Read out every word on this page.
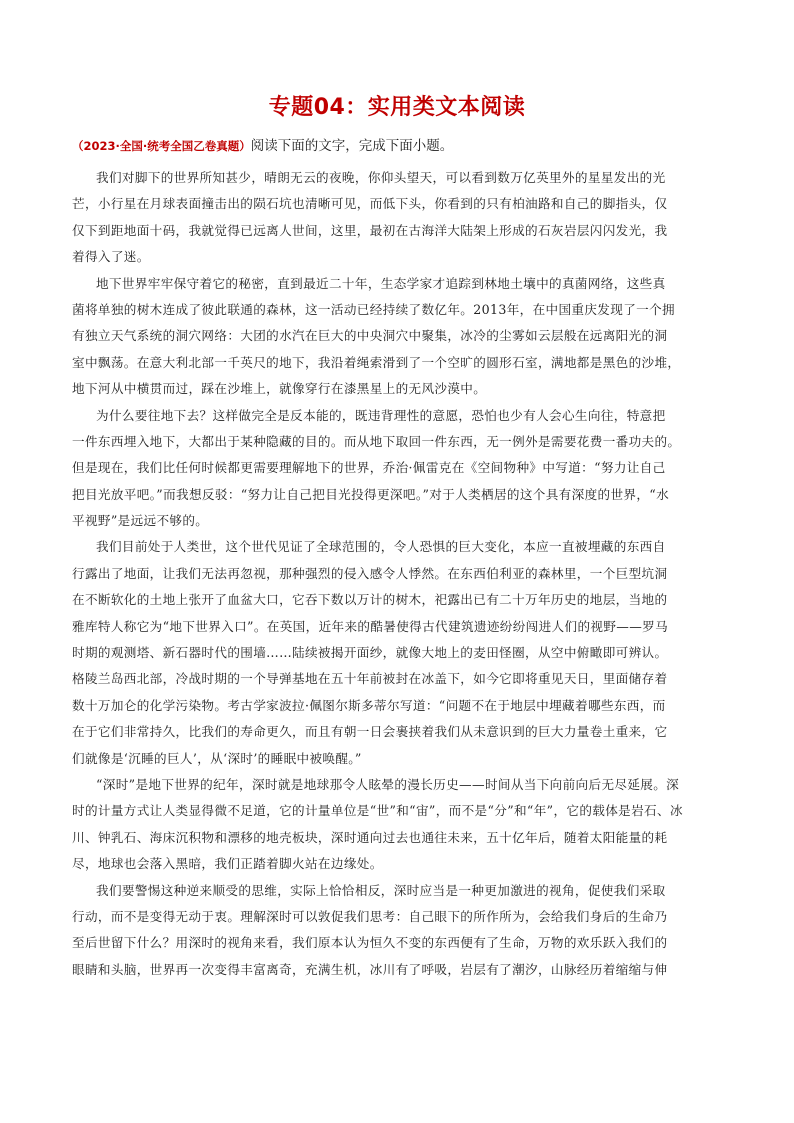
专题04：实用类文本阅读
（2023·全国·统考全国乙卷真题）阅读下面的文字，完成下面小题。
我们对脚下的世界所知甚少，晴朗无云的夜晚，你仰头望天，可以看到数万亿英里外的星星发出的光
芒，小行星在月球表面撞击出的陨石坑也清晰可见，而低下头，你看到的只有柏油路和自己的脚指头，仅
仅下到距地面十码，我就觉得已远离人世间，这里，最初在古海洋大陆架上形成的石灰岩层闪闪发光，我
着得入了迷。
地下世界牢牢保守着它的秘密，直到最近二十年，生态学家才追踪到林地土壤中的真菌网络，这些真
菌将单独的树木连成了彼此联通的森林，这一活动已经持续了数亿年。2013年，在中国重庆发现了一个拥
有独立天气系统的洞穴网络：大团的水汽在巨大的中央洞穴中聚集，冰冷的尘雾如云层般在远离阳光的洞
室中飘荡。在意大利北部一千英尺的地下，我沿着绳索滑到了一个空旷的圆形石室，满地都是黑色的沙堆，
地下河从中横贯而过，踩在沙堆上，就像穿行在漆黑星上的无风沙漠中。
为什么要往地下去？这样做完全是反本能的，既违背理性的意愿，恐怕也少有人会心生向往，特意把
一件东西埋入地下，大都出于某种隐藏的目的。而从地下取回一件东西，无一例外是需要花费一番功夫的。
但是现在，我们比任何时候都更需要理解地下的世界，乔治·佩雷克在《空间物种》中写道：“努力让自己
把目光放平吧。”而我想反驳：“努力让自己把目光投得更深吧。”对于人类栖居的这个具有深度的世界，“水
平视野”是远远不够的。
我们目前处于人类世，这个世代见证了全球范围的，令人恐惧的巨大变化，本应一直被埋藏的东西自
行露出了地面，让我们无法再忽视，那种强烈的侵入感令人悸然。在东西伯利亚的森林里，一个巨型坑洞
在不断软化的土地上张开了血盆大口，它吞下数以万计的树木，祀露出已有二十万年历史的地层，当地的
雅库特人称它为“地下世界入口”。在英国，近年来的酷暑使得古代建筑遗迹纷纷闯进人们的视野——罗马
时期的观测塔、新石器时代的围墙……陆续被揭开面纱，就像大地上的麦田怪圈，从空中俯瞰即可辨认。
格陵兰岛西北部，冷战时期的一个导弹基地在五十年前被封在冰盖下，如今它即将重见天日，里面储存着
数十万加仑的化学污染物。考古学家波拉·佩图尔斯多蒂尔写道：“问题不在于地层中埋藏着哪些东西，而
在于它们非常持久，比我们的寿命更久，而且有朝一日会裹挟着我们从未意识到的巨大力量卷土重来，它
们就像是‘沉睡的巨人’，从‘深时’的睡眠中被唤醒。”
“深时”是地下世界的纪年，深时就是地球那令人眩晕的漫长历史——时间从当下向前向后无尽延展。深
时的计量方式让人类显得微不足道，它的计量单位是“世”和“宙”，而不是“分”和“年”，它的载体是岩石、冰
川、钟乳石、海床沉积物和漂移的地壳板块，深时通向过去也通往未来，五十亿年后，随着太阳能量的耗
尽，地球也会落入黑暗，我们正踏着脚火站在边缘处。
我们要警惕这种逆来顺受的思维，实际上恰恰相反，深时应当是一种更加激进的视角，促使我们采取
行动，而不是变得无动于衷。理解深时可以敦促我们思考：自己眼下的所作所为，会给我们身后的生命乃
至后世留下什么？用深时的视角来看，我们原本认为恒久不变的东西便有了生命，万物的欢乐跃入我们的
眼睛和头脑，世界再一次变得丰富离奇，充满生机，冰川有了呼吸，岩层有了潮汐，山脉经历着缩缩与伸
